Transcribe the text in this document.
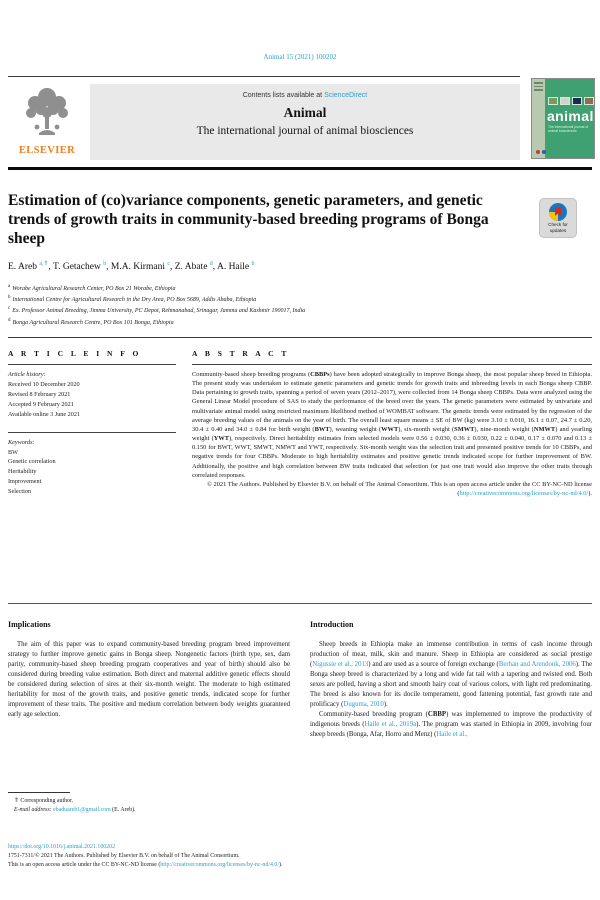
Animal 15 (2021) 100202
ELSEVIER
Contents lists available at ScienceDirect
Animal
The international journal of animal biosciences
animal
The international journal of animal biosciences
Estimation of (co)variance components, genetic parameters, and genetic trends of growth traits in community-based breeding programs of Bonga sheep
Check for updates
E. Areb $^{a,⇑}$, T. Getachew $^b$, M.A. Kirmani $^c$, Z. Abate $^d$, A. Haile $^b$
$^a$ Worabe Agricultural Research Center, PO Box 21 Worabe, Ethiopia
$^b$ International Centre for Agricultural Research in the Dry Area, PO Box 5689, Addis Ababa, Ethiopia
$^c$ Ex. Professor Animal Breeding, Jimma University, PC Depot, Rehmanabad, Srinagar, Jammu and Kashmir 190017, India
$^d$ Bonga Agricultural Research Centre, PO Box 101 Bonga, Ethiopia
A R T I C L E I N F O
Article history:
Received 10 December 2020
Revised 8 February 2021
Accepted 9 February 2021
Available online 3 June 2021
Keywords:
BW
Genetic correlation
Heritability
Improvement
Selection
A B S T R A C T
Community-based sheep breeding programs (CBBPs) have been adopted strategically to improve Bonga sheep, the most popular sheep breed in Ethiopia. The present study was undertaken to estimate genetic parameters and genetic trends for growth traits and inbreeding levels in each Bonga sheep CBBP. Data pertaining to growth traits, spanning a period of seven years (2012–2017), were collected from 14 Bonga sheep CBBPs. Data were analyzed using the General Linear Model procedure of SAS to study the performance of the breed over the years. The genetic parameters were estimated by univariate and multivariate animal model using restricted maximum likelihood method of WOMBAT software. The genetic trends were estimated by the regression of the average breeding values of the animals on the year of birth. The overall least square means ± SE of BW (kg) were 3.10 ± 0.010, 16.1 ± 0.07, 24.7 ± 0.20, 30.4 ± 0.40 and 34.0 ± 0.84 for birth weight (BWT), weaning weight (WWT), six-month weight (SMWT), nine-month weight (NMWT) and yearling weight (YWT), respectively. Direct heritability estimates from selected models were 0.56 ± 0.030, 0.36 ± 0.030, 0.22 ± 0.040, 0.17 ± 0.070 and 0.13 ± 0.150 for BWT, WWT, SMWT, NMWT and YWT, respectively. Six-month weight was the selection trait and presented positive trends for 10 CBBPs, and negative trends for four CBBPs. Moderate to high heritability estimates and positive genetic trends indicated scope for further improvement of BW. Additionally, the positive and high correlation between BW traits indicated that selection for just one trait would also improve the other traits through correlated responses.
© 2021 The Authors. Published by Elsevier B.V. on behalf of The Animal Consortium. This is an open access article under the CC BY-NC-ND license (http://creativecommons.org/licenses/by-nc-nd/4.0/).
Implications

The aim of this paper was to expand community-based breeding program breed improvement strategy to further improve genetic gains in Bonga sheep. Nongenetic factors (birth type, sex, dam parity, community-based sheep breeding program cooperatives and year of birth) should also be considered during breeding value estimation. Both direct and maternal additive genetic effects should be considered during selection of sires at their six-month weight. The moderate to high estimated heritability for most of the growth traits, and positive genetic trends, indicated scope for further improvement of these traits. The positive and medium correlation between body weights guaranteed early age selection.

Introduction

Sheep breeds in Ethiopia make an immense contribution in terms of cash income through production of meat, milk, skin and manure. Sheep in Ethiopia are considered as social prestige (Nigussie et al., 2013) and are used as a source of foreign exchange (Berhan and Arendonk, 2006). The Bonga sheep breed is characterized by a long and wide fat tail with a tapering and twisted end. Both sexes are polled, having a short and smooth hairy coat of various colors, with light red predominating. The breed is also known for its docile temperament, good fattening potential, fast growth rate and prolificacy (Duguma, 2010).

Community-based breeding program (CBBP) was implemented to improve the productivity of indigenous breeds (Haile et al., 2019a). The program was started in Ethiopia in 2009, involving four sheep breeds (Bonga, Afar, Horro and Menz) (Haile et al.,

⇑ Corresponding author.
E-mail address: ebaduareb1@gmail.com (E. Areb).
https://doi.org/10.1016/j.animal.2021.100202
1751-7311/© 2021 The Authors. Published by Elsevier B.V. on behalf of The Animal Consortium.
This is an open access article under the CC BY-NC-ND license (http://creativecommons.org/licenses/by-nc-nd/4.0/).
